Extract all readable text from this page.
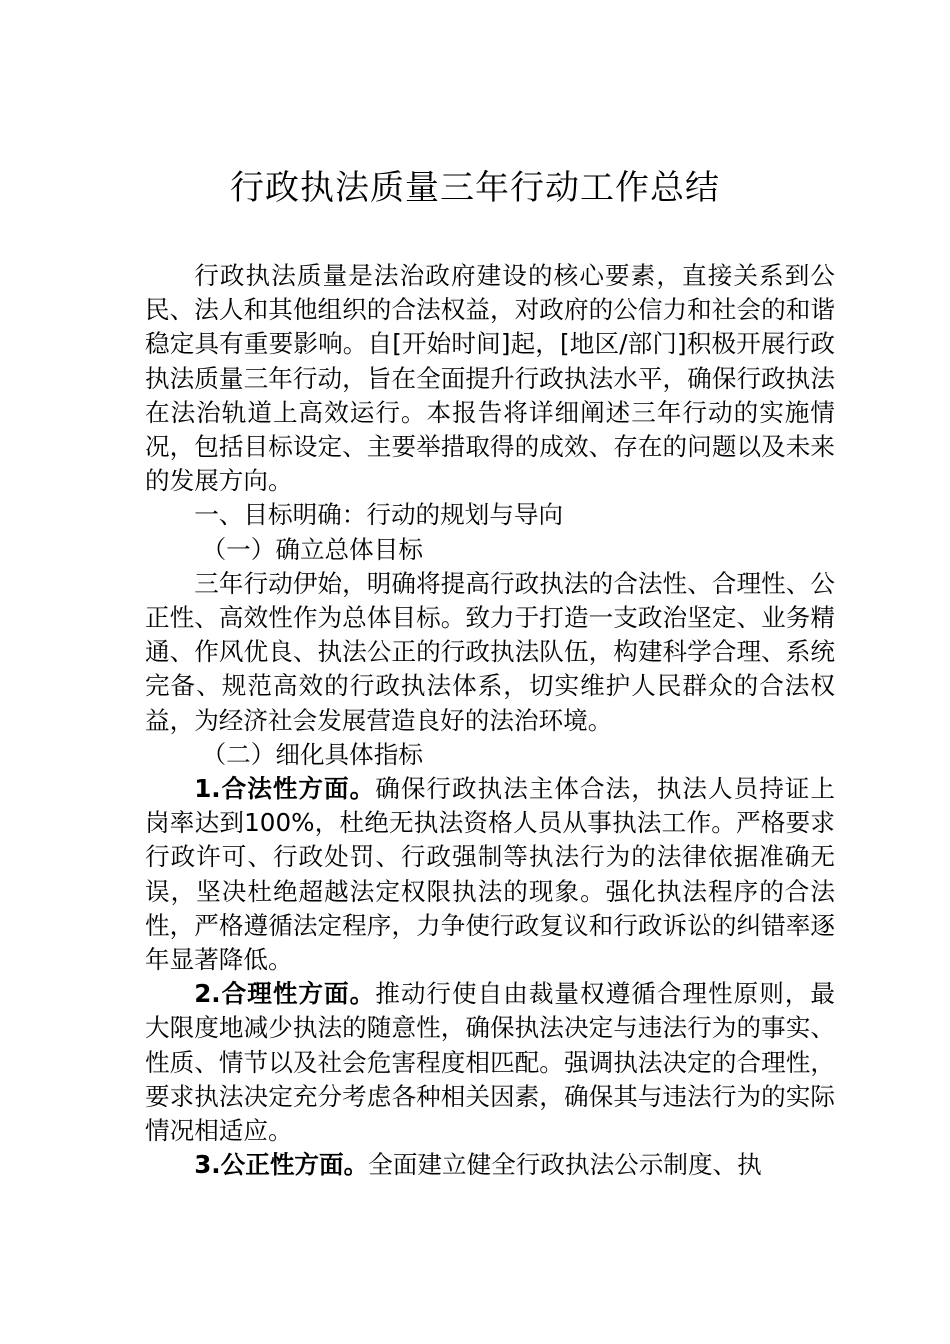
行政执法质量三年行动工作总结

行政执法质量是法治政府建设的核心要素，直接关系到公民、法人和其他组织的合法权益，对政府的公信力和社会的和谐稳定具有重要影响。自[开始时间]起，[地区/部门]积极开展行政执法质量三年行动，旨在全面提升行政执法水平，确保行政执法在法治轨道上高效运行。本报告将详细阐述三年行动的实施情况，包括目标设定、主要举措取得的成效、存在的问题以及未来的发展方向。

一、目标明确：行动的规划与导向

（一）确立总体目标

三年行动伊始，明确将提高行政执法的合法性、合理性、公正性、高效性作为总体目标。致力于打造一支政治坚定、业务精通、作风优良、执法公正的行政执法队伍，构建科学合理、系统完备、规范高效的行政执法体系，切实维护人民群众的合法权益，为经济社会发展营造良好的法治环境。

（二）细化具体指标

1.合法性方面。确保行政执法主体合法，执法人员持证上岗率达到100%，杜绝无执法资格人员从事执法工作。严格要求行政许可、行政处罚、行政强制等执法行为的法律依据准确无误，坚决杜绝超越法定权限执法的现象。强化执法程序的合法性，严格遵循法定程序，力争使行政复议和行政诉讼的纠错率逐年显著降低。

2.合理性方面。推动行使自由裁量权遵循合理性原则，最大限度地减少执法的随意性，确保执法决定与违法行为的事实、性质、情节以及社会危害程度相匹配。强调执法决定的合理性，要求执法决定充分考虑各种相关因素，确保其与违法行为的实际情况相适应。

3.公正性方面。全面建立健全行政执法公示制度、执
